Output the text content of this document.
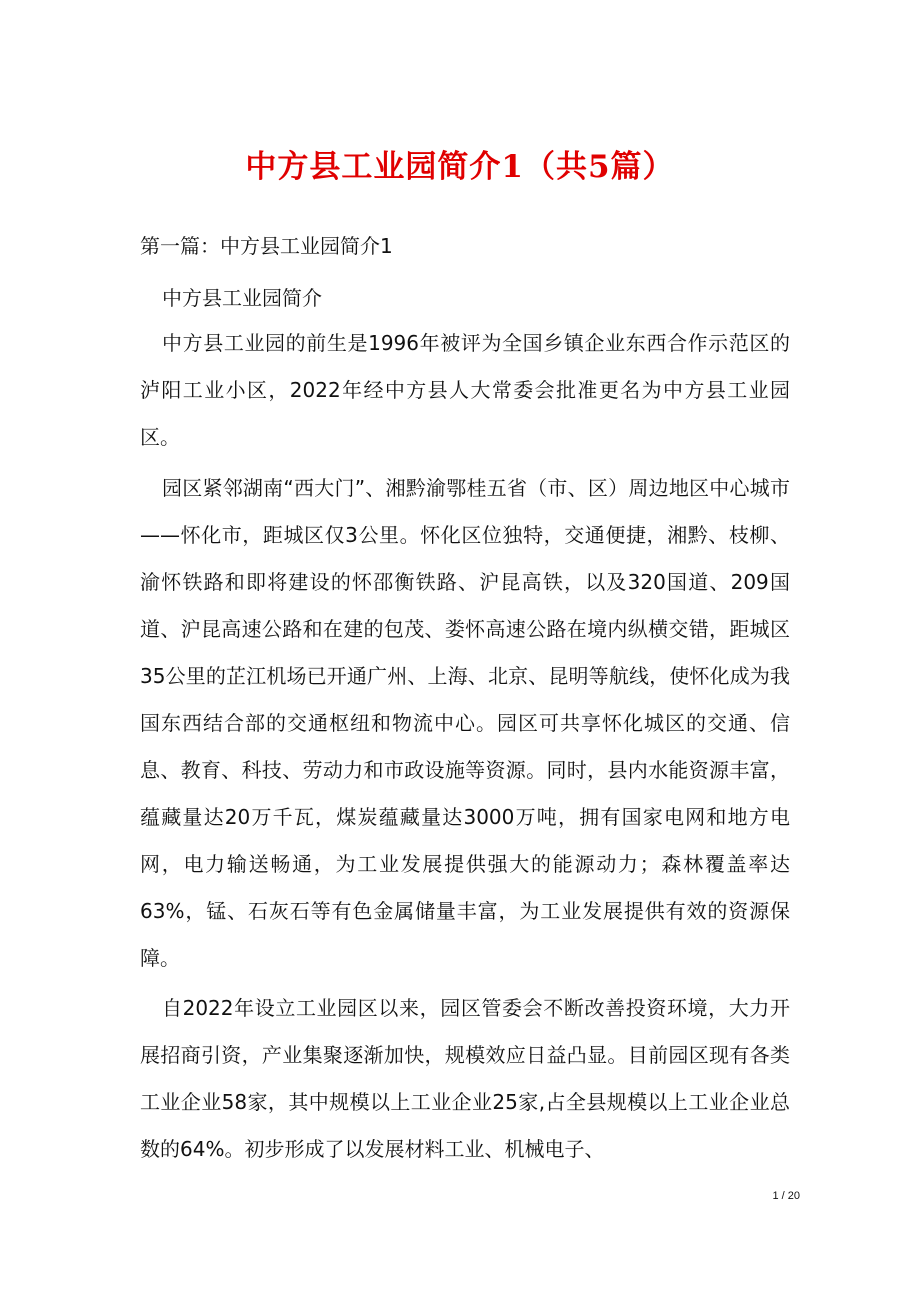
中方县工业园简介1（共5篇）
第一篇：中方县工业园简介1
中方县工业园简介

中方县工业园的前生是1996年被评为全国乡镇企业东西合作示范区的泸阳工业小区，2022年经中方县人大常委会批准更名为中方县工业园区。

园区紧邻湖南“西大门”、湘黔渝鄂桂五省（市、区）周边地区中心城市——怀化市，距城区仅3公里。怀化区位独特，交通便捷，湘黔、枝柳、渝怀铁路和即将建设的怀邵衡铁路、沪昆高铁，以及320国道、209国道、沪昆高速公路和在建的包茂、娄怀高速公路在境内纵横交错，距城区35公里的芷江机场已开通广州、上海、北京、昆明等航线，使怀化成为我国东西结合部的交通枢纽和物流中心。园区可共享怀化城区的交通、信息、教育、科技、劳动力和市政设施等资源。同时，县内水能资源丰富，蕴藏量达20万千瓦，煤炭蕴藏量达3000万吨，拥有国家电网和地方电网，电力输送畅通，为工业发展提供强大的能源动力；森林覆盖率达63%，锰、石灰石等有色金属储量丰富，为工业发展提供有效的资源保障。

自2022年设立工业园区以来，园区管委会不断改善投资环境，大力开展招商引资，产业集聚逐渐加快，规模效应日益凸显。目前园区现有各类工业企业58家，其中规模以上工业企业25家,占全县规模以上工业企业总数的64%。初步形成了以发展材料工业、机械电子、

1 / 20
